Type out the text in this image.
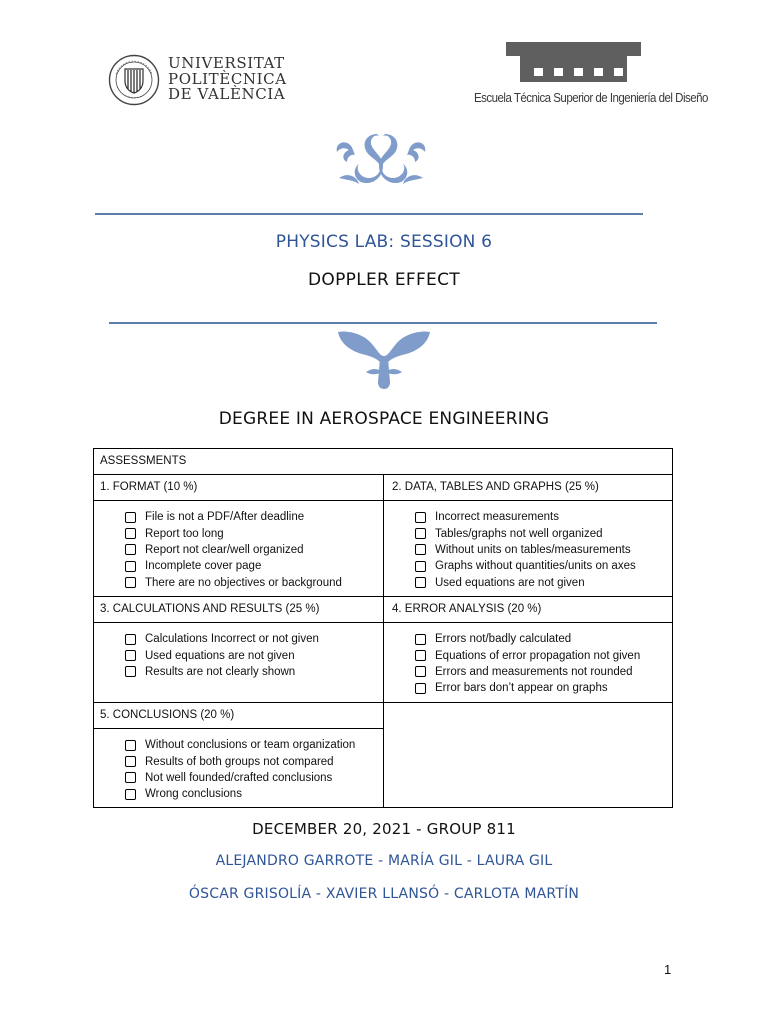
UNIVERSITAT
POLITÈCNICA
DE VALÈNCIA	Escuela Técnica Superior de Ingeniería del Diseño
PHYSICS LAB: SESSION 6
DOPPLER EFFECT
DEGREE IN AEROSPACE ENGINEERING
ASSESSMENTS
1. FORMAT (10 %)
File is not a PDF/After deadline
Report too long
Report not clear/well organized
Incomplete cover page
There are no objectives or background
2. DATA, TABLES AND GRAPHS (25 %)
Incorrect measurements
Tables/graphs not well organized
Without units on tables/measurements
Graphs without quantities/units on axes
Used equations are not given
3. CALCULATIONS AND RESULTS (25 %)
Calculations Incorrect or not given
Used equations are not given
Results are not clearly shown
4. ERROR ANALYSIS (20 %)
Errors not/badly calculated
Equations of error propagation not given
Errors and measurements not rounded
Error bars don’t appear on graphs
5. CONCLUSIONS (20 %)
Without conclusions or team organization
Results of both groups not compared
Not well founded/crafted conclusions
Wrong conclusions
DECEMBER 20, 2021 - GROUP 811
ALEJANDRO GARROTE - MARÍA GIL - LAURA GIL
ÓSCAR GRISOLÍA - XAVIER LLANSÓ - CARLOTA MARTÍN
1
